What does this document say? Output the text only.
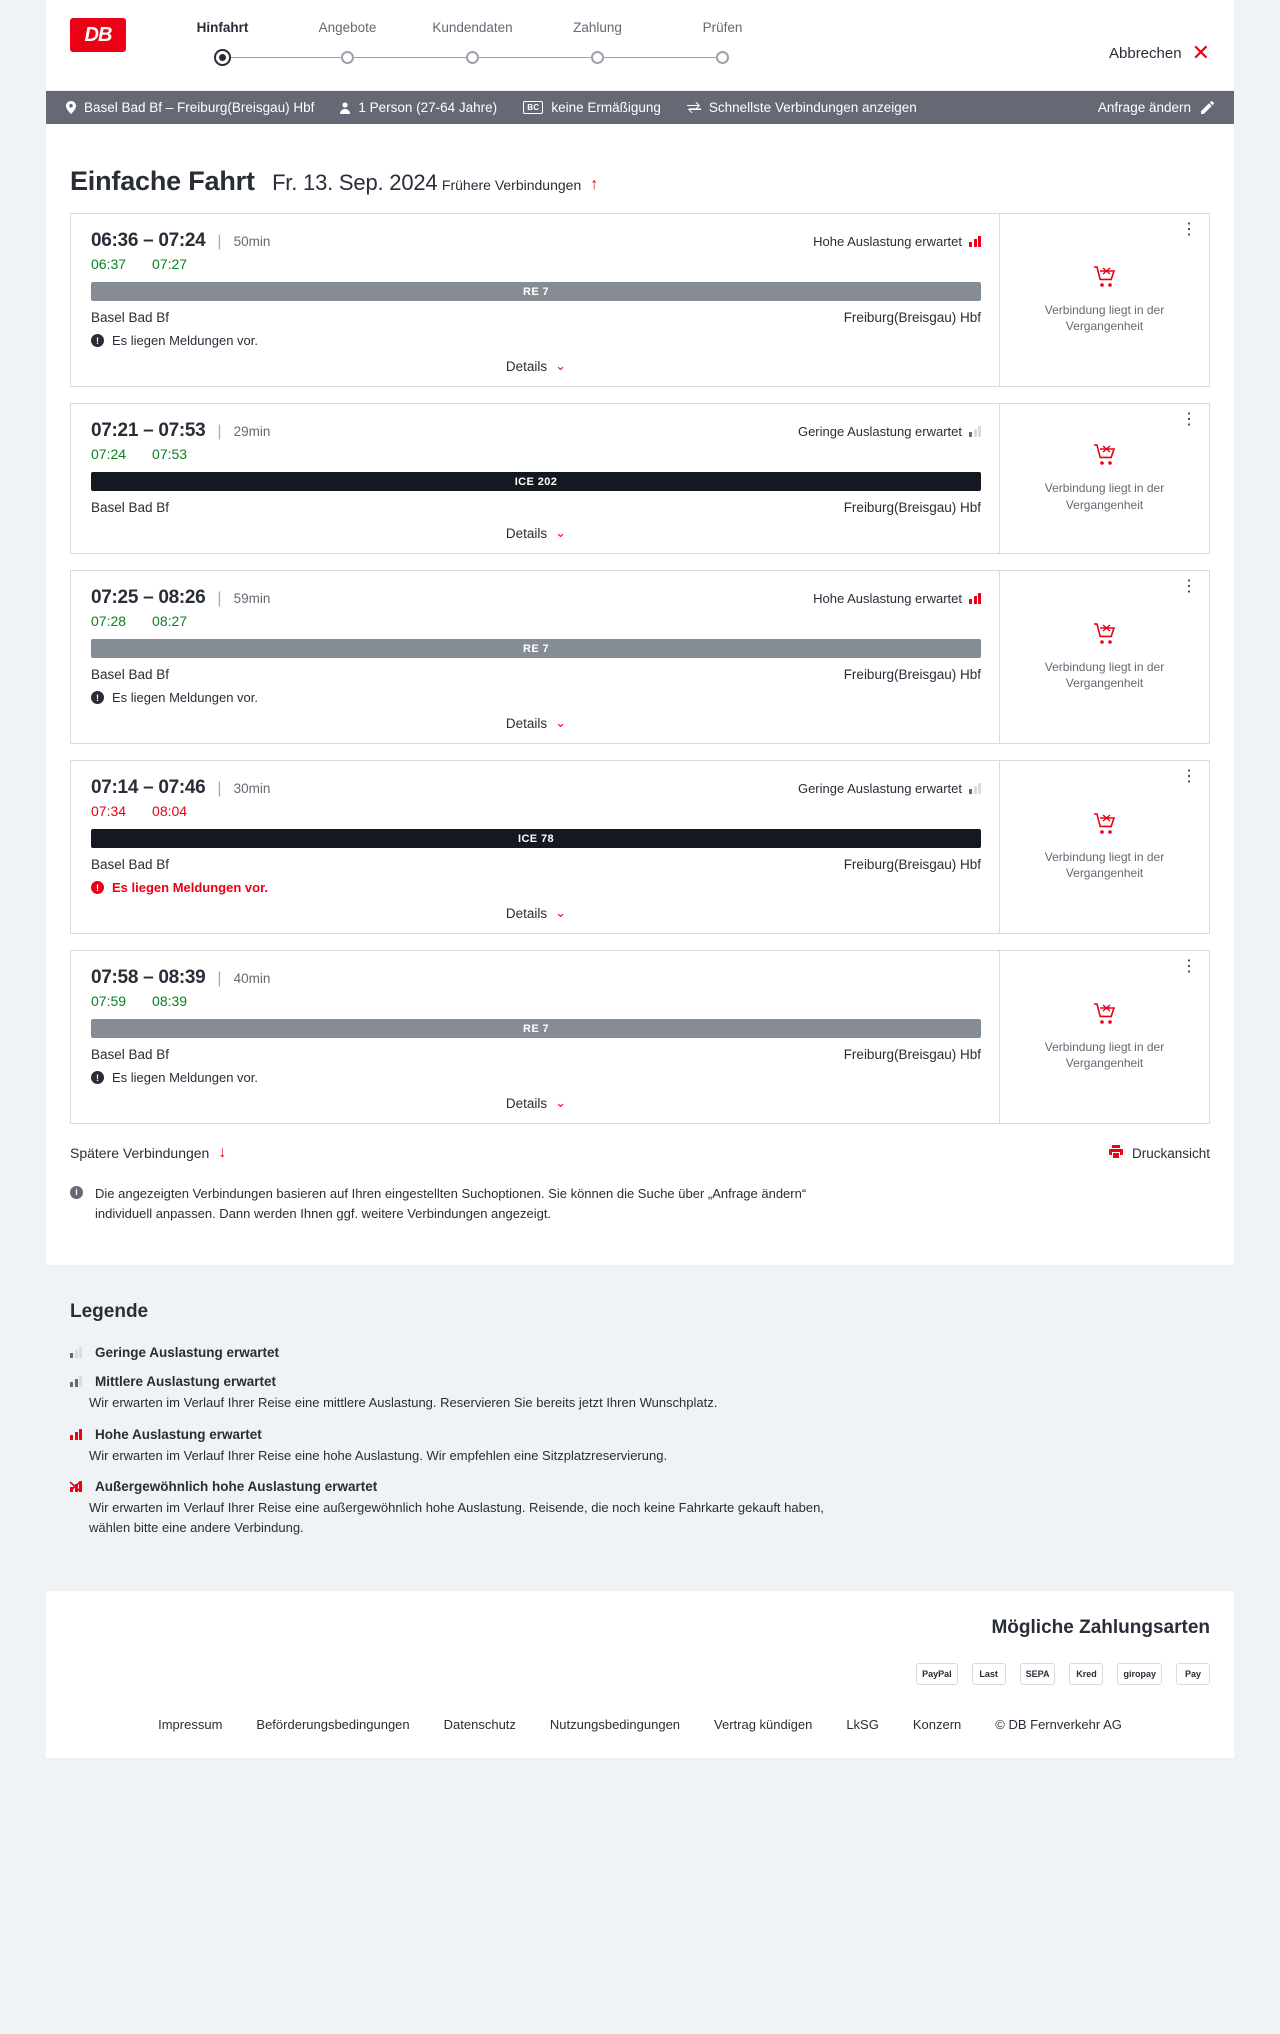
DB	Hinfahrt	Angebote	Kundendaten	Zahlung	Prüfen
Abbrechen ✕
Basel Bad Bf – Freiburg(Breisgau) Hbf	1 Person (27-64 Jahre)	BC keine Ermäßigung	Schnellste Verbindungen anzeigen	Anfrage ändern
Einfache Fahrt Fr. 13. Sep. 2024 Frühere Verbindungen ↑
06:36 – 07:24 | 50min	Hohe Auslastung erwartet
06:37 07:27
RE 7
Basel Bad Bf	Freiburg(Breisgau) Hbf
!	Es liegen Meldungen vor.
Details ⌄
⋮
Verbindung liegt in der Vergangenheit
07:21 – 07:53 | 29min	Geringe Auslastung erwartet
07:24 07:53
ICE 202
Basel Bad Bf	Freiburg(Breisgau) Hbf
Details ⌄
⋮
Verbindung liegt in der Vergangenheit
07:25 – 08:26 | 59min	Hohe Auslastung erwartet
07:28 08:27
RE 7
Basel Bad Bf	Freiburg(Breisgau) Hbf
!	Es liegen Meldungen vor.
Details ⌄
⋮
Verbindung liegt in der Vergangenheit
07:14 – 07:46 | 30min	Geringe Auslastung erwartet
07:34 08:04
ICE 78
Basel Bad Bf	Freiburg(Breisgau) Hbf
!	Es liegen Meldungen vor.
Details ⌄
⋮
Verbindung liegt in der Vergangenheit
07:58 – 08:39 | 40min
07:59 08:39
RE 7
Basel Bad Bf	Freiburg(Breisgau) Hbf
!	Es liegen Meldungen vor.
Details ⌄
⋮
Verbindung liegt in der Vergangenheit
Spätere Verbindungen ↓	Druckansicht
i	Die angezeigten Verbindungen basieren auf Ihren eingestellten Suchoptionen. Sie können die Suche über „Anfrage ändern“ individuell anpassen. Dann werden Ihnen ggf. weitere Verbindungen angezeigt.
Legende
Geringe Auslastung erwartet
Mittlere Auslastung erwartet
Wir erwarten im Verlauf Ihrer Reise eine mittlere Auslastung. Reservieren Sie bereits jetzt Ihren Wunschplatz.
Hohe Auslastung erwartet
Wir erwarten im Verlauf Ihrer Reise eine hohe Auslastung. Wir empfehlen eine Sitzplatzreservierung.
Außergewöhnlich hohe Auslastung erwartet
Wir erwarten im Verlauf Ihrer Reise eine außergewöhnlich hohe Auslastung. Reisende, die noch keine Fahrkarte gekauft haben, wählen bitte eine andere Verbindung.
Mögliche Zahlungsarten
PayPal	Last	SEPA	Kred	giropay	Pay
Impressum	Beförderungsbedingungen	Datenschutz	Nutzungsbedingungen	Vertrag kündigen	LkSG	Konzern	© DB Fernverkehr AG
